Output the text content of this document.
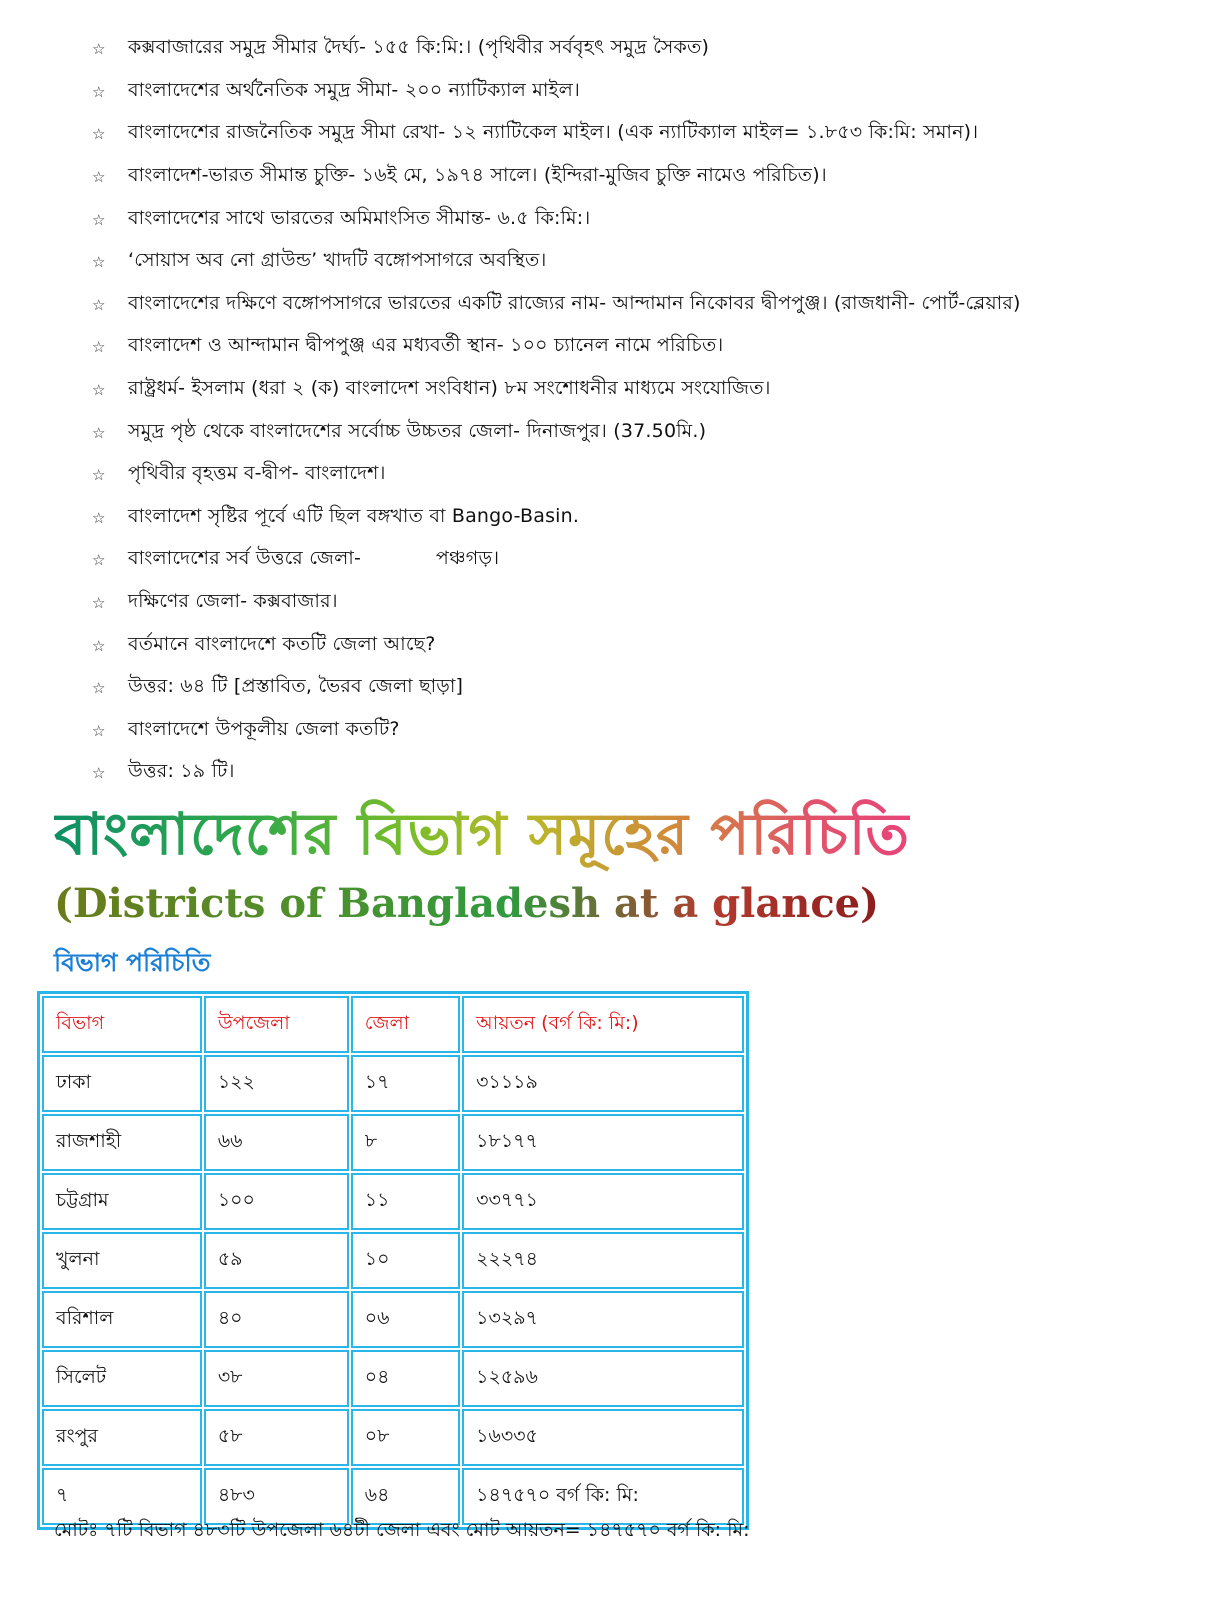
☆	কক্সবাজারের সমুদ্র সীমার দৈর্ঘ্য- ১৫৫ কি:মি:। (পৃথিবীর সর্ববৃহৎ সমুদ্র সৈকত)
☆	বাংলাদেশের অর্থনৈতিক সমুদ্র সীমা- ২০০ ন্যাটিক্যাল মাইল।
☆	বাংলাদেশের রাজনৈতিক সমুদ্র সীমা রেখা- ১২ ন্যাটিকেল মাইল। (এক ন্যাটিক্যাল মাইল= ১.৮৫৩ কি:মি: সমান)।
☆	বাংলাদেশ-ভারত সীমান্ত চুক্তি- ১৬ই মে, ১৯৭৪ সালে। (ইন্দিরা-মুজিব চুক্তি নামেও পরিচিত)।
☆	বাংলাদেশের সাথে ভারতের অমিমাংসিত সীমান্ত- ৬.৫ কি:মি:।
☆	‘সোয়াস অব নো গ্রাউন্ড’ খাদটি বঙ্গোপসাগরে অবস্থিত।
☆	বাংলাদেশের দক্ষিণে বঙ্গোপসাগরে ভারতের একটি রাজ্যের নাম- আন্দামান নিকোবর দ্বীপপুঞ্জ। (রাজধানী- পোর্ট-ব্লেয়ার)
☆	বাংলাদেশ ও আন্দামান দ্বীপপুঞ্জ এর মধ্যবর্তী স্থান- ১০০ চ্যানেল নামে পরিচিত।
☆	রাষ্ট্রধর্ম- ইসলাম (ধরা ২ (ক) বাংলাদেশ সংবিধান) ৮ম সংশোধনীর মাধ্যমে সংযোজিত।
☆	সমুদ্র পৃষ্ঠ থেকে বাংলাদেশের সর্বোচ্চ উচ্চতর জেলা- দিনাজপুর। (37.50মি.)
☆	পৃথিবীর বৃহত্তম ব-দ্বীপ- বাংলাদেশ।
☆	বাংলাদেশ সৃষ্টির পূর্বে এটি ছিল বঙ্গখাত বা Bango-Basin.
☆	বাংলাদেশের সর্ব উত্তরে জেলা-            পঞ্চগড়।
☆	দক্ষিণের জেলা- কক্সবাজার।
☆	বর্তমানে বাংলাদেশে কতটি জেলা আছে?
☆	উত্তর: ৬৪ টি [প্রস্তাবিত, ভৈরব জেলা ছাড়া]
☆	বাংলাদেশে উপকূলীয় জেলা কতটি?
☆	উত্তর: ১৯ টি।
বাংলাদেশের বিভাগ সমূহের পরিচিতি
(Districts of Bangladesh at a glance)
বিভাগ পরিচিতি
বিভাগ	উপজেলা	জেলা	আয়তন (বর্গ কি: মি:)
ঢাকা	১২২	১৭	৩১১১৯
রাজশাহী	৬৬	৮	১৮১৭৭
চট্টগ্রাম	১০০	১১	৩৩৭৭১
খুলনা	৫৯	১০	২২২৭৪
বরিশাল	৪০	০৬	১৩২৯৭
সিলেট	৩৮	০৪	১২৫৯৬
রংপুর	৫৮	০৮	১৬৩৩৫
৭	৪৮৩	৬৪	১৪৭৫৭০ বর্গ কি: মি:
মোটঃ ৭টি বিভাগ ৪৮৩টি উপজেলা ৬৪টী জেলা এবং মোট আয়তন= ১৪৭৫৭০ বর্গ কি: মি:
